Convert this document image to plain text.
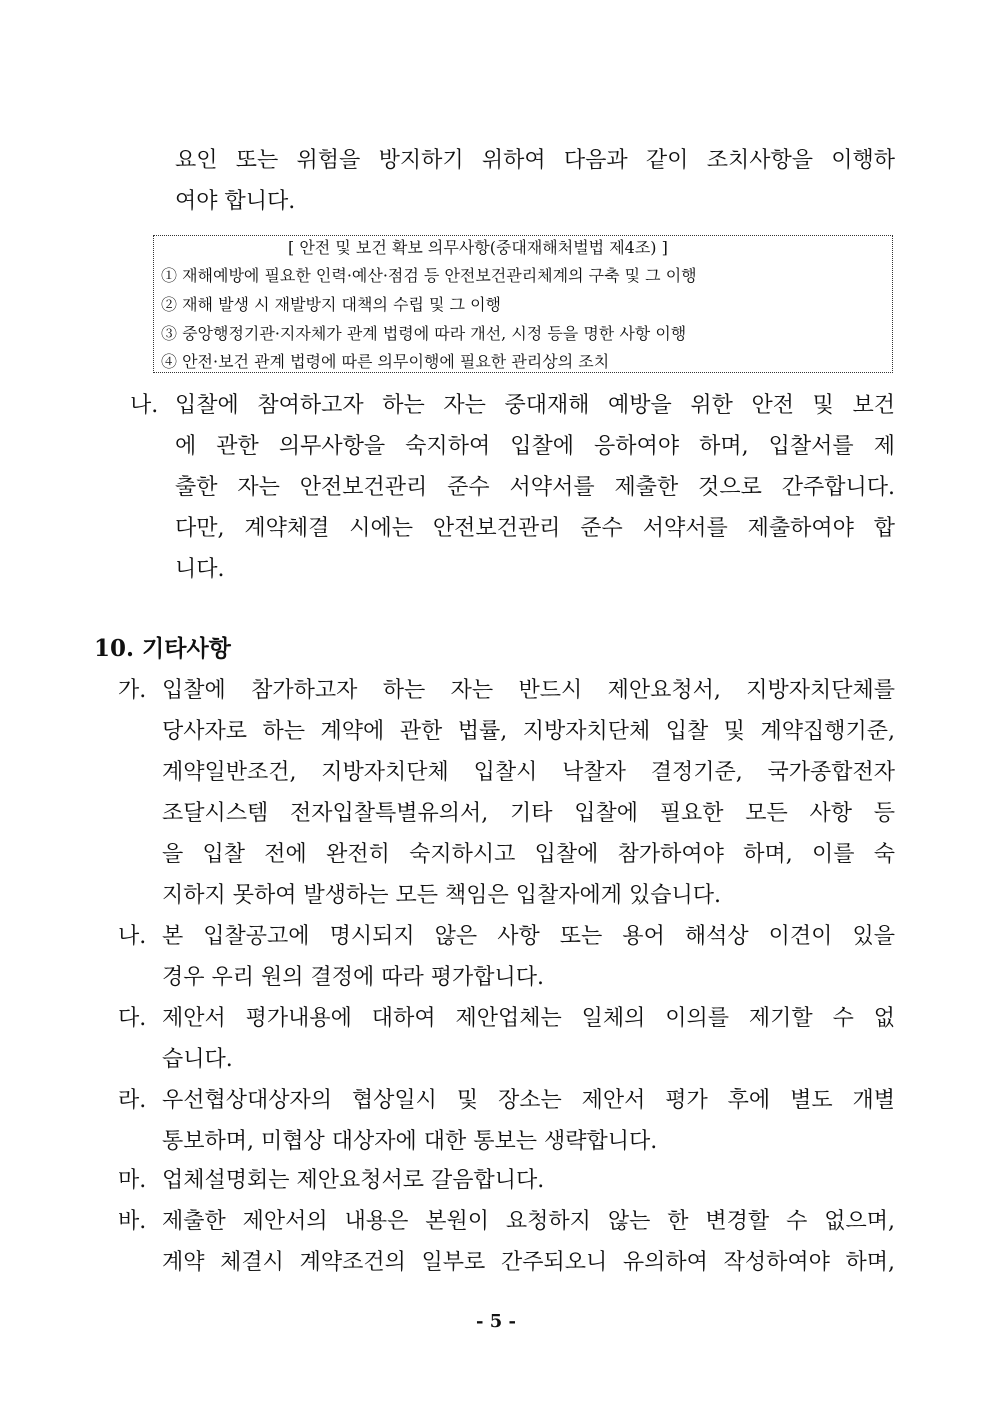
요인 또는 위험을 방지하기 위하여 다음과 같이 조치사항을 이행하
여야 합니다.
[ 안전 및 보건 확보 의무사항(중대재해처벌법 제4조) ]
① 재해예방에 필요한 인력·예산·점검 등 안전보건관리체계의 구축 및 그 이행
② 재해 발생 시 재발방지 대책의 수립 및 그 이행
③ 중앙행정기관·지자체가 관계 법령에 따라 개선, 시정 등을 명한 사항 이행
④ 안전·보건 관계 법령에 따른 의무이행에 필요한 관리상의 조치
나. 입찰에 참여하고자 하는 자는 중대재해 예방을 위한 안전 및 보건
에 관한 의무사항을 숙지하여 입찰에 응하여야 하며, 입찰서를 제
출한 자는 안전보건관리 준수 서약서를 제출한 것으로 간주합니다.
다만, 계약체결 시에는 안전보건관리 준수 서약서를 제출하여야 합
니다.
10. 기타사항
가. 입찰에 참가하고자 하는 자는 반드시 제안요청서, 지방자치단체를
당사자로 하는 계약에 관한 법률, 지방자치단체 입찰 및 계약집행기준,
계약일반조건, 지방자치단체 입찰시 낙찰자 결정기준, 국가종합전자
조달시스템 전자입찰특별유의서, 기타 입찰에 필요한 모든 사항 등
을 입찰 전에 완전히 숙지하시고 입찰에 참가하여야 하며, 이를 숙
지하지 못하여 발생하는 모든 책임은 입찰자에게 있습니다.
나. 본 입찰공고에 명시되지 않은 사항 또는 용어 해석상 이견이 있을
경우 우리 원의 결정에 따라 평가합니다.
다. 제안서 평가내용에 대하여 제안업체는 일체의 이의를 제기할 수 없
습니다.
라. 우선협상대상자의 협상일시 및 장소는 제안서 평가 후에 별도 개별
통보하며, 미협상 대상자에 대한 통보는 생략합니다.
마. 업체설명회는 제안요청서로 갈음합니다.
바. 제출한 제안서의 내용은 본원이 요청하지 않는 한 변경할 수 없으며,
계약 체결시 계약조건의 일부로 간주되오니 유의하여 작성하여야 하며,
- 5 -
